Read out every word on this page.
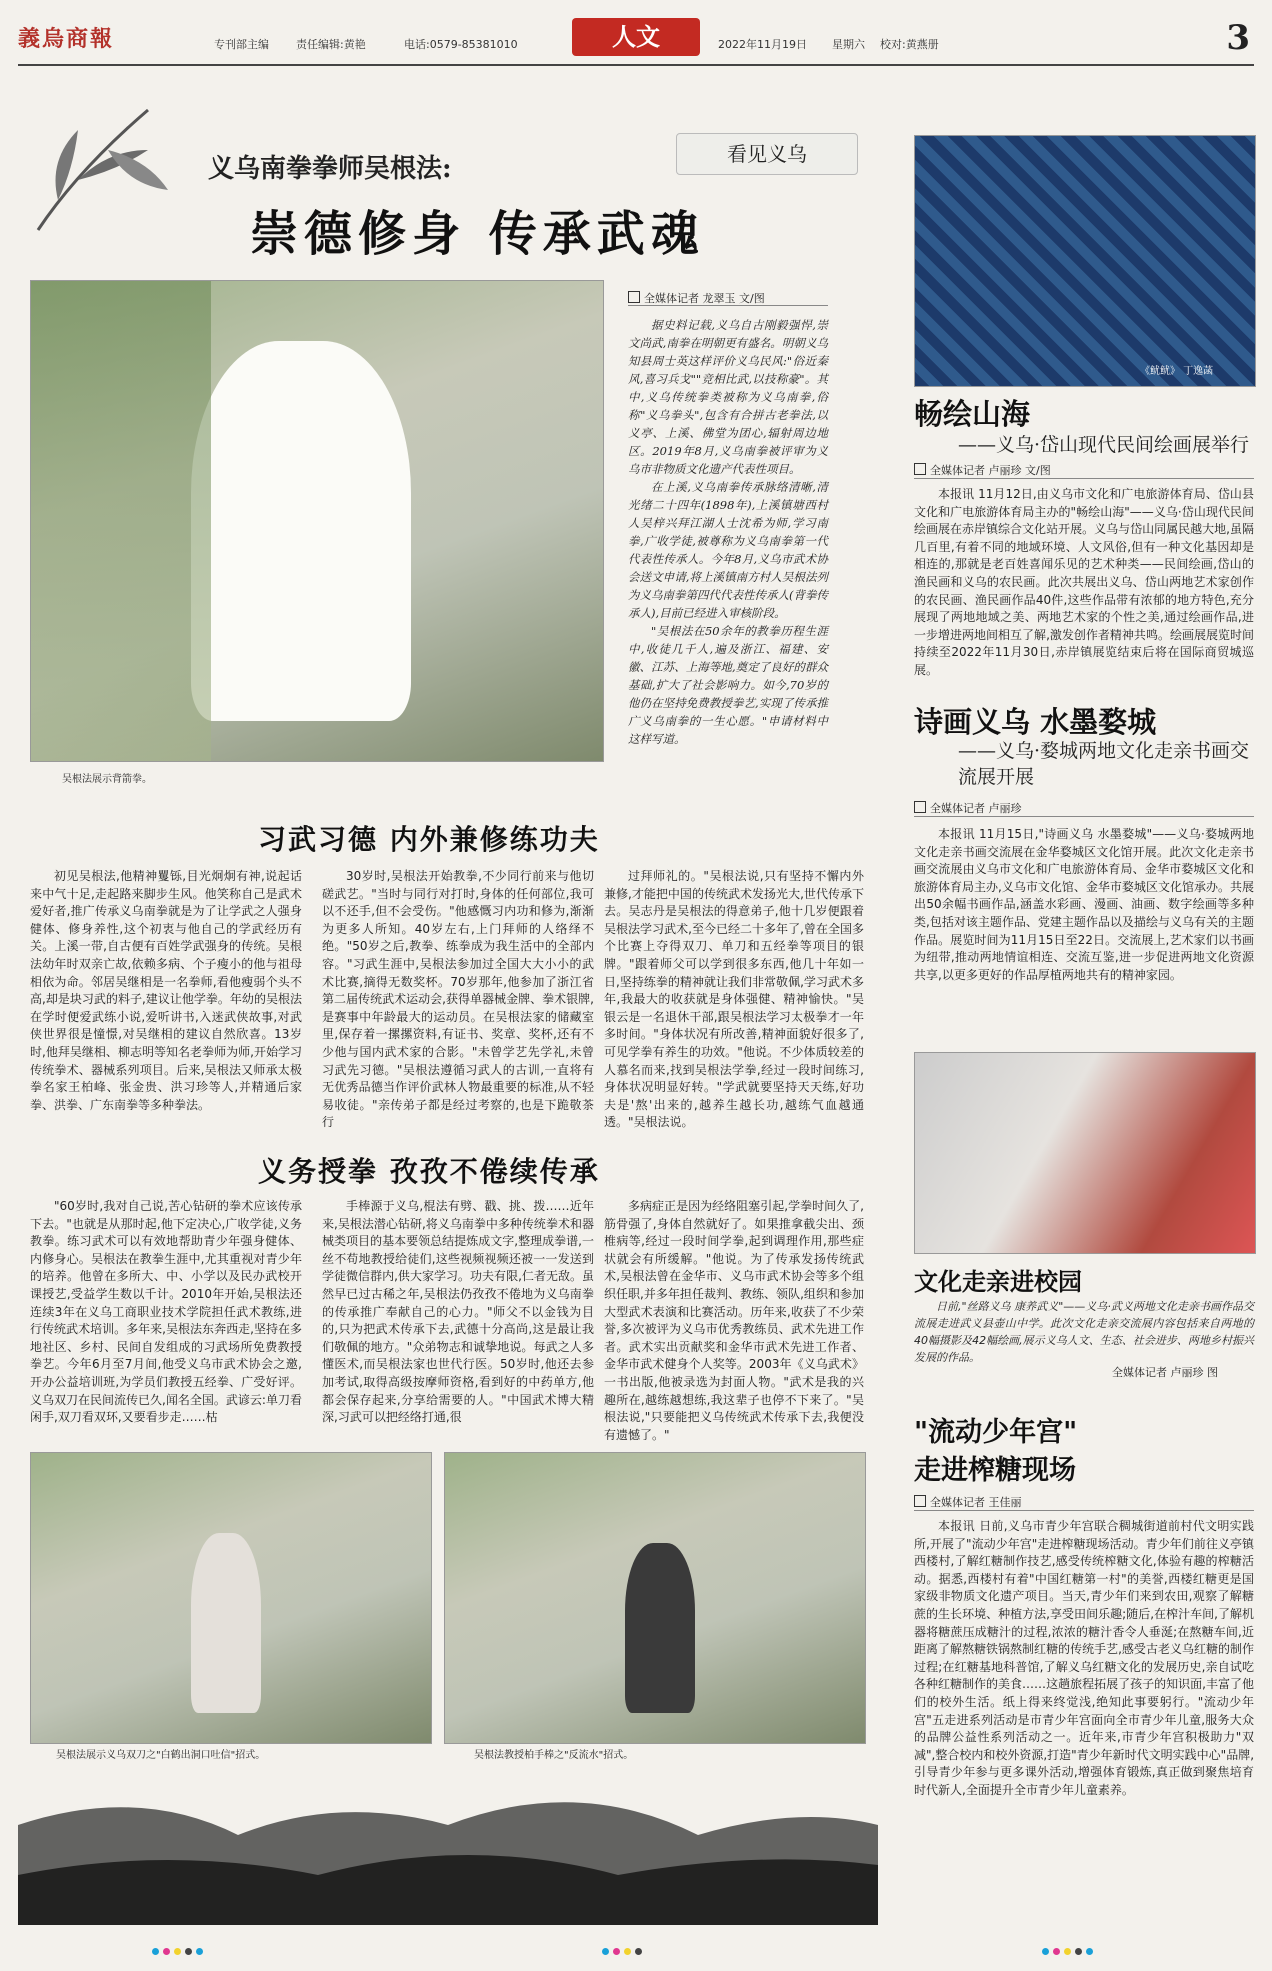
義烏商報	专刊部主编 责任编辑:黄艳	电话:0579-85381010	人文	2022年11月19日 星期六 校对:黄燕册	3
看见义乌
义乌南拳拳师吴根法:
崇德修身 传承武魂
吴根法展示背箭拳。
全媒体记者 龙翠玉 文/图

据史料记载,义乌自古刚毅强悍,崇文尚武,南拳在明朝更有盛名。明朝义乌知县周士英这样评价义乌民风:"俗近秦风,喜习兵戈""竞相比武,以技称豪"。其中,义乌传统拳类被称为义乌南拳,俗称"义乌拳头",包含有合拼古老拳法,以义亭、上溪、佛堂为团心,辐射周边地区。2019年8月,义乌南拳被评审为义乌市非物质文化遗产代表性项目。

在上溪,义乌南拳传承脉络清晰,清光绪二十四年(1898年),上溪镇塘西村人吴梓兴拜江湖人士沈希为师,学习南拳,广收学徒,被尊称为义乌南拳第一代代表性传承人。今年8月,义乌市武术协会送文申请,将上溪镇南方村人吴根法列为义乌南拳第四代代表性传承人(背拳传承人),目前已经进入审核阶段。

"吴根法在50余年的教拳历程生涯中,收徒几千人,遍及浙江、福建、安徽、江苏、上海等地,奠定了良好的群众基础,扩大了社会影响力。如今,70岁的他仍在坚持免费教授拳艺,实现了传承推广义乌南拳的一生心愿。"申请材料中这样写道。

习武习德 内外兼修练功夫

初见吴根法,他精神矍铄,目光炯炯有神,说起话来中气十足,走起路来脚步生风。他笑称自己是武术爱好者,推广传承义乌南拳就是为了让学武之人强身健体、修身养性,这个初衷与他自己的学武经历有关。上溪一带,自古便有百姓学武强身的传统。吴根法幼年时双亲亡故,依赖多病、个子瘦小的他与祖母相依为命。邻居吴继相是一名拳师,看他瘦弱个头不高,却是块习武的料子,建议让他学拳。年幼的吴根法在学时便爱武练小说,爱听讲书,入迷武侠故事,对武侠世界很是憧憬,对吴继相的建议自然欣喜。13岁时,他拜吴继相、柳志明等知名老拳师为师,开始学习传统拳术、器械系列项目。后来,吴根法又师承太极拳名家王柏峰、张金贵、洪习珍等人,并精通后家拳、洪拳、广东南拳等多种拳法。

30岁时,吴根法开始教拳,不少同行前来与他切磋武艺。"当时与同行对打时,身体的任何部位,我可以不还手,但不会受伤。"他感慨习内功和修为,渐渐为更多人所知。40岁左右,上门拜师的人络绎不绝。"50岁之后,教拳、练拳成为我生活中的全部内容。"习武生涯中,吴根法参加过全国大大小小的武术比赛,摘得无数奖杯。70岁那年,他参加了浙江省第二届传统武术运动会,获得单器械金牌、拳术银牌,是赛事中年龄最大的运动员。在吴根法家的储藏室里,保存着一摞摞资料,有证书、奖章、奖杯,还有不少他与国内武术家的合影。"未曾学艺先学礼,未曾习武先习德。"吴根法遵循习武人的古训,一直将有无优秀品德当作评价武林人物最重要的标准,从不轻易收徒。"亲传弟子都是经过考察的,也是下跪敬茶行

过拜师礼的。"吴根法说,只有坚持不懈内外兼修,才能把中国的传统武术发扬光大,世代传承下去。吴志丹是吴根法的得意弟子,他十几岁便跟着吴根法学习武术,至今已经二十多年了,曾在全国多个比赛上夺得双刀、单刀和五经拳等项目的银牌。"跟着师父可以学到很多东西,他几十年如一日,坚持练拳的精神就让我们非常敬佩,学习武术多年,我最大的收获就是身体强健、精神愉快。"吴银云是一名退休干部,跟吴根法学习太极拳才一年多时间。"身体状况有所改善,精神面貌好很多了,可见学拳有养生的功效。"他说。不少体质较差的人慕名而来,找到吴根法学拳,经过一段时间练习,身体状况明显好转。"学武就要坚持天天练,好功夫是'熬'出来的,越养生越长功,越练气血越通透。"吴根法说。

义务授拳 孜孜不倦续传承

"60岁时,我对自己说,苦心钻研的拳术应该传承下去。"也就是从那时起,他下定决心,广收学徒,义务教拳。练习武术可以有效地帮助青少年强身健体、内修身心。吴根法在教拳生涯中,尤其重视对青少年的培养。他曾在多所大、中、小学以及民办武校开课授艺,受益学生数以千计。2010年开始,吴根法还连续3年在义乌工商职业技术学院担任武术教练,进行传统武术培训。多年来,吴根法东奔西走,坚持在多地社区、乡村、民间自发组成的习武场所免费教授拳艺。今年6月至7月间,他受义乌市武术协会之邀,开办公益培训班,为学员们教授五经拳、广受好评。义乌双刀在民间流传已久,闻名全国。武谚云:单刀看闲手,双刀看双环,又要看步走……枯

手棒源于义乌,棍法有劈、戳、挑、拨……近年来,吴根法潜心钻研,将义乌南拳中多种传统拳术和器械类项目的基本要领总结提炼成文字,整理成拳谱,一丝不苟地教授给徒们,这些视频视频还被一一发送到学徒微信群内,供大家学习。功夫有限,仁者无敌。虽然早已过古稀之年,吴根法仍孜孜不倦地为义乌南拳的传承推广奉献自己的心力。"师父不以金钱为目的,只为把武术传承下去,武德十分高尚,这是最让我们敬佩的地方。"众弟物志和诚挚地说。每武之人多懂医术,而吴根法家也世代行医。50岁时,他还去参加考试,取得高级按摩师资格,看到好的中药单方,他都会保存起来,分享给需要的人。"中国武术博大精深,习武可以把经络打通,很

多病症正是因为经络阻塞引起,学拳时间久了,筋骨强了,身体自然就好了。如果推拿截尖出、颈椎病等,经过一段时间学拳,起到调理作用,那些症状就会有所缓解。"他说。为了传承发扬传统武术,吴根法曾在金华市、义乌市武术协会等多个组织任职,并多年担任裁判、教练、领队,组织和参加大型武术表演和比赛活动。历年来,收获了不少荣誉,多次被评为义乌市优秀教练员、武术先进工作者。武术实出贡献奖和金华市武术先进工作者、金华市武术健身个人奖等。2003年《义乌武术》一书出版,他被录选为封面人物。"武术是我的兴趣所在,越练越想练,我这辈子也停不下来了。"吴根法说,"只要能把义乌传统武术传承下去,我便没有遗憾了。"

吴根法展示义乌双刀之"白鹤出洞口吐信"招式。	吴根法教授柏手棒之"反流水"招式。
《鱿鱿》 丁逸菡
畅绘山海
——义乌·岱山现代民间绘画展举行
全媒体记者 卢丽珍 文/图

本报讯 11月12日,由义乌市文化和广电旅游体育局、岱山县文化和广电旅游体育局主办的"畅绘山海"——义乌·岱山现代民间绘画展在赤岸镇综合文化站开展。义乌与岱山同属民越大地,虽隔几百里,有着不同的地域环境、人文风俗,但有一种文化基因却是相连的,那就是老百姓喜闻乐见的艺术种类——民间绘画,岱山的渔民画和义乌的农民画。此次共展出义乌、岱山两地艺术家创作的农民画、渔民画作品40件,这些作品带有浓郁的地方特色,充分展现了两地地域之美、两地艺术家的个性之美,通过绘画作品,进一步增进两地间相互了解,激发创作者精神共鸣。绘画展展览时间持续至2022年11月30日,赤岸镇展览结束后将在国际商贸城巡展。

诗画义乌 水墨婺城
——义乌·婺城两地文化走亲书画交流展开展
全媒体记者 卢丽珍

本报讯 11月15日,"诗画义乌 水墨婺城"——义乌·婺城两地文化走亲书画交流展在金华婺城区文化馆开展。此次文化走亲书画交流展由义乌市文化和广电旅游体育局、金华市婺城区文化和旅游体育局主办,义乌市文化馆、金华市婺城区文化馆承办。共展出50余幅书画作品,涵盖水彩画、漫画、油画、数字绘画等多种类,包括对该主题作品、党建主题作品以及描绘与义乌有关的主题作品。展览时间为11月15日至22日。交流展上,艺术家们以书画为纽带,推动两地情谊相连、交流互鉴,进一步促进两地文化资源共享,以更多更好的作品厚植两地共有的精神家园。

文化走亲进校园

日前,"丝路义乌 康养武义"——义乌·武义两地文化走亲书画作品交流展走进武义县壶山中学。此次文化走亲交流展内容包括来自两地的40幅摄影及42幅绘画,展示义乌人文、生态、社会进步、两地乡村振兴发展的作品。

全媒体记者 卢丽珍 图
"流动少年宫"
走进榨糖现场
全媒体记者 王佳丽

本报讯 日前,义乌市青少年宫联合稠城街道前村代文明实践所,开展了"流动少年宫"走进榨糖现场活动。青少年们前往义亭镇西楼村,了解红糖制作技艺,感受传统榨糖文化,体验有趣的榨糖活动。据悉,西楼村有着"中国红糖第一村"的美誉,西楼红糖更是国家级非物质文化遗产项目。当天,青少年们来到农田,观察了解糖蔗的生长环境、种植方法,享受田间乐趣;随后,在榨汁车间,了解机器将糖蔗压成糖汁的过程,浓浓的糖汁香令人垂涎;在熬糖车间,近距离了解熬糖铁锅熬制红糖的传统手艺,感受古老义乌红糖的制作过程;在红糖基地科普馆,了解义乌红糖文化的发展历史,亲自试吃各种红糖制作的美食……这趟旅程拓展了孩子的知识面,丰富了他们的校外生活。纸上得来终觉浅,绝知此事要躬行。"流动少年宫"五走进系列活动是市青少年宫面向全市青少年儿童,服务大众的品牌公益性系列活动之一。近年来,市青少年宫积极助力"双减",整合校内和校外资源,打造"青少年新时代文明实践中心"品牌,引导青少年参与更多课外活动,增强体育锻炼,真正做到聚焦培育时代新人,全面提升全市青少年儿童素养。
